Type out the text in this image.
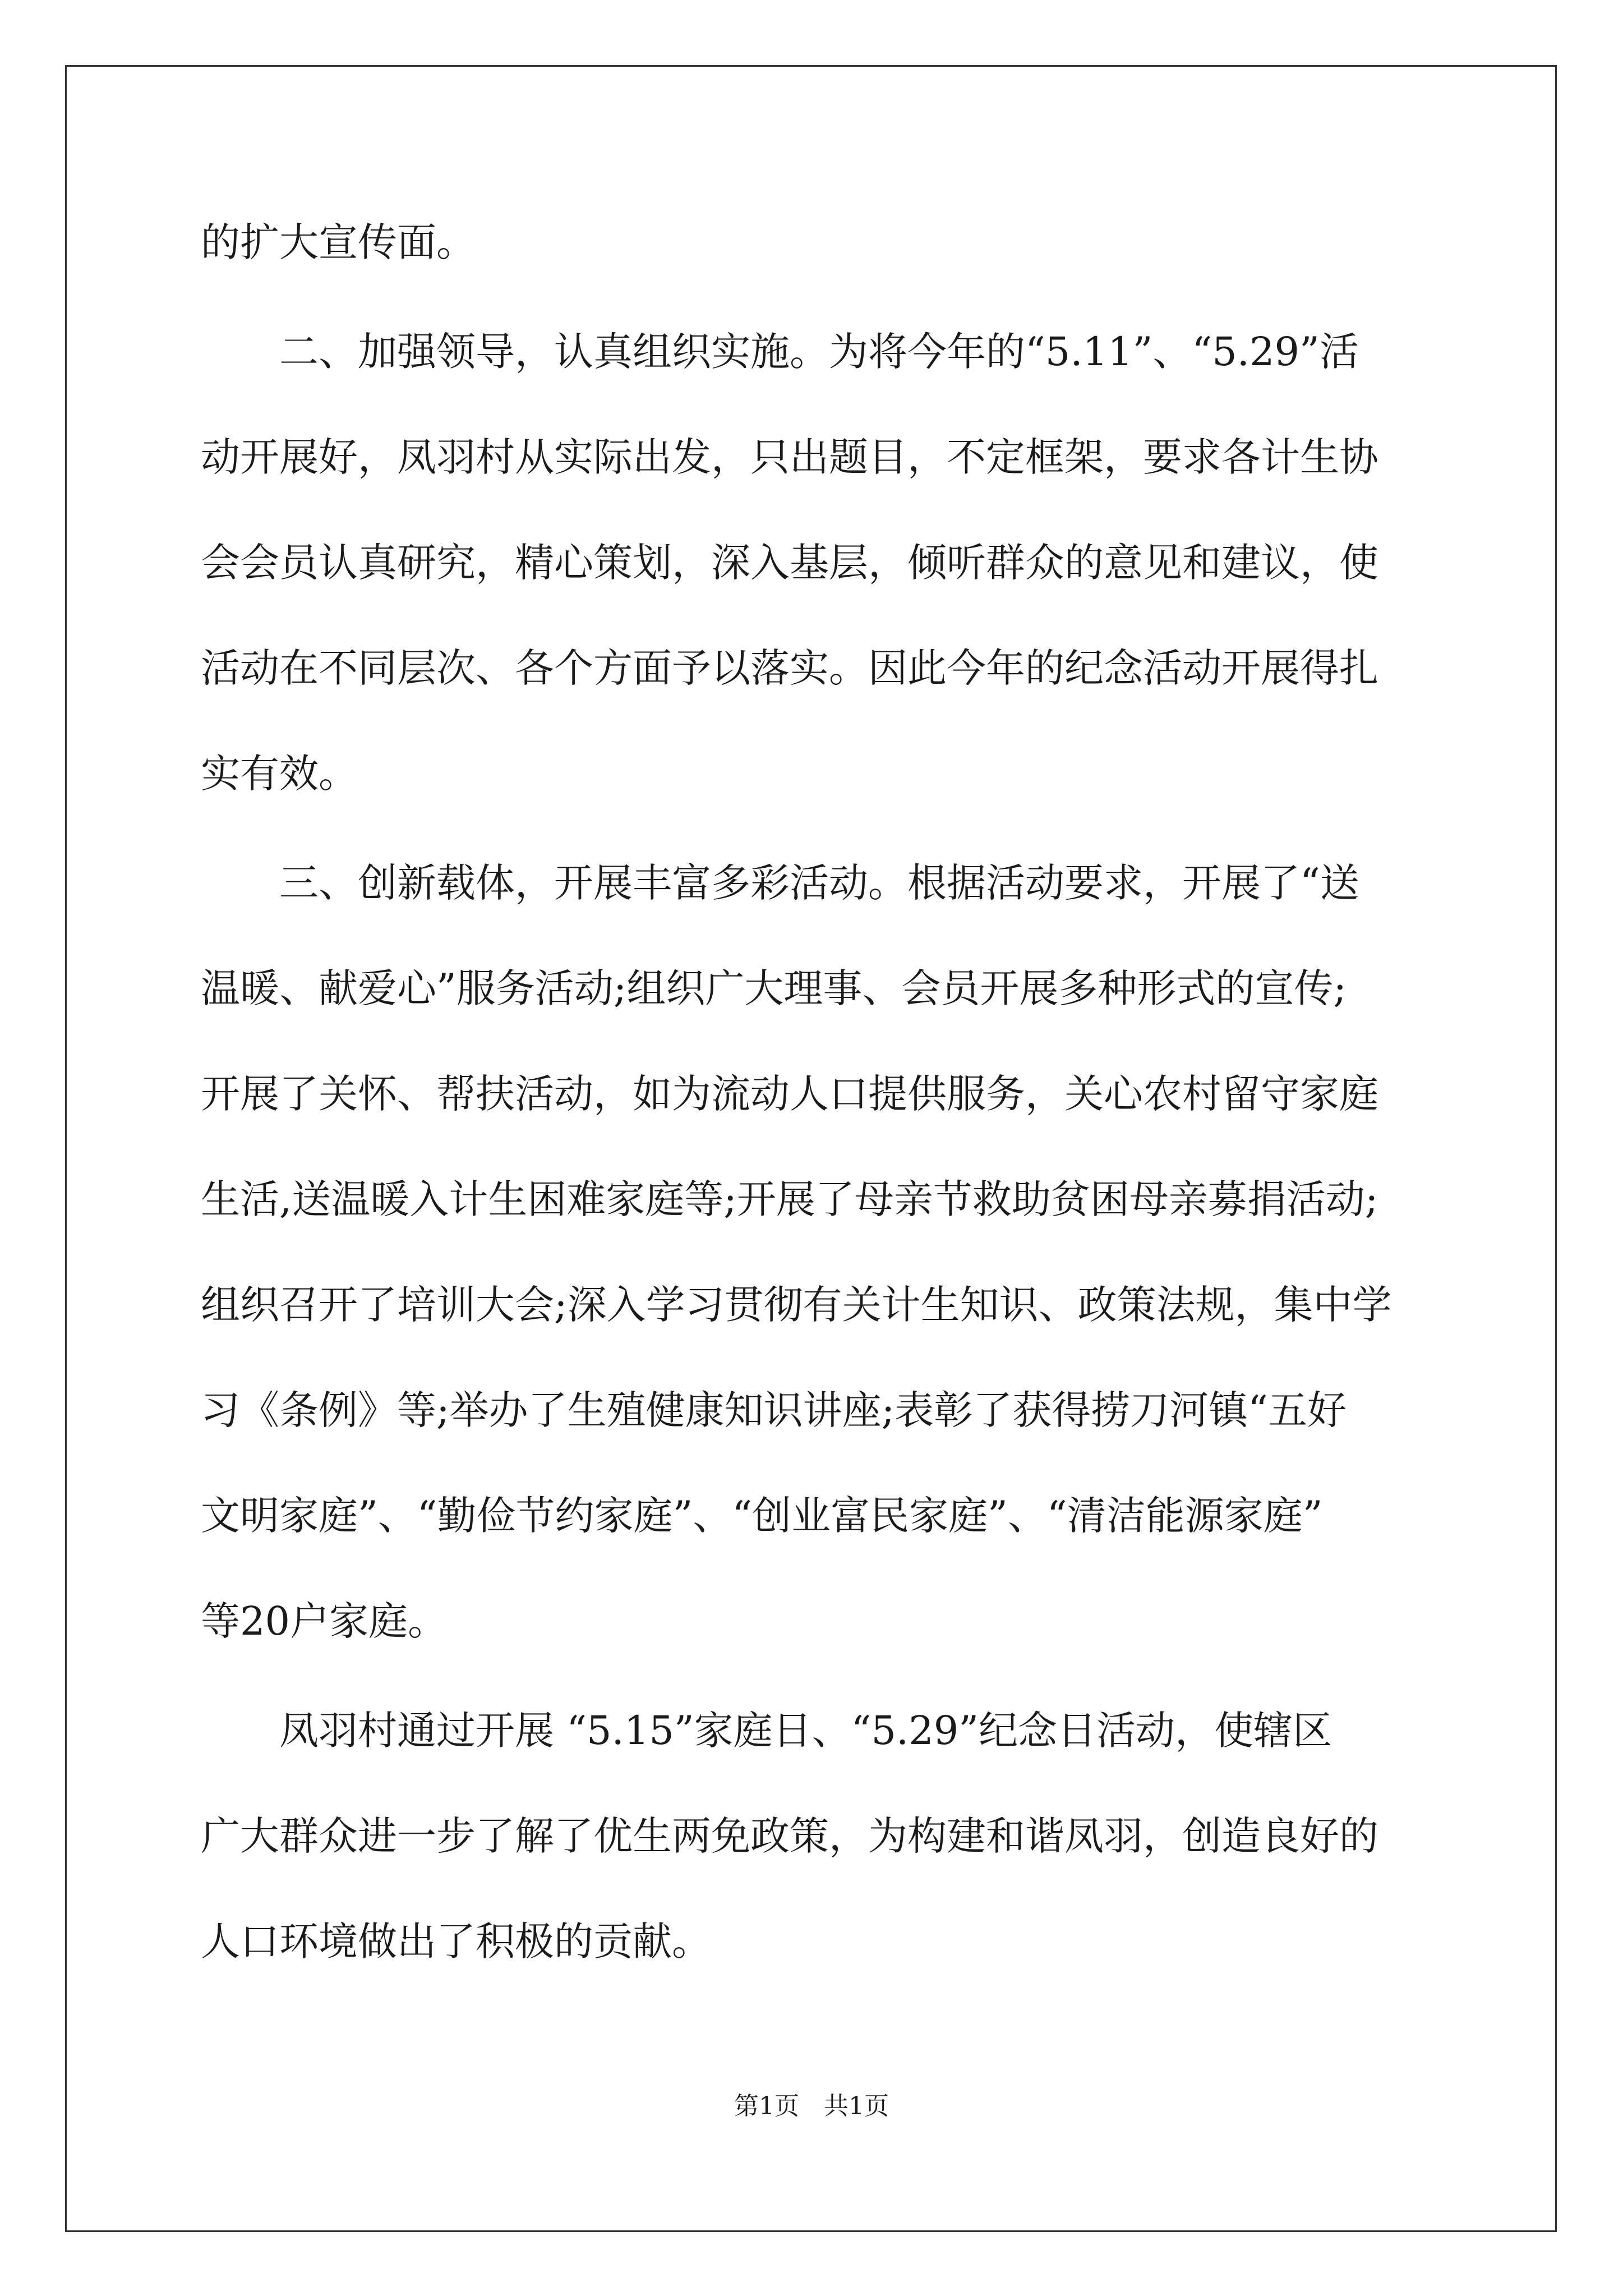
的扩大宣传面。
　　二、加强领导，认真组织实施。为将今年的“5.11”、“5.29”活
动开展好，凤羽村从实际出发，只出题目，不定框架，要求各计生协
会会员认真研究，精心策划，深入基层，倾听群众的意见和建议，使
活动在不同层次、各个方面予以落实。因此今年的纪念活动开展得扎
实有效。
　　三、创新载体，开展丰富多彩活动。根据活动要求，开展了“送
温暖、献爱心”服务活动;组织广大理事、会员开展多种形式的宣传;
开展了关怀、帮扶活动，如为流动人口提供服务，关心农村留守家庭
生活,送温暖入计生困难家庭等;开展了母亲节救助贫困母亲募捐活动;
组织召开了培训大会;深入学习贯彻有关计生知识、政策法规，集中学
习《条例》等;举办了生殖健康知识讲座;表彰了获得捞刀河镇“五好
文明家庭”、“勤俭节约家庭”、“创业富民家庭”、“清洁能源家庭”
等20户家庭。
　　凤羽村通过开展 “5.15”家庭日、“5.29”纪念日活动，使辖区
广大群众进一步了解了优生两免政策，为构建和谐凤羽，创造良好的
人口环境做出了积极的贡献。
第1页　共1页
